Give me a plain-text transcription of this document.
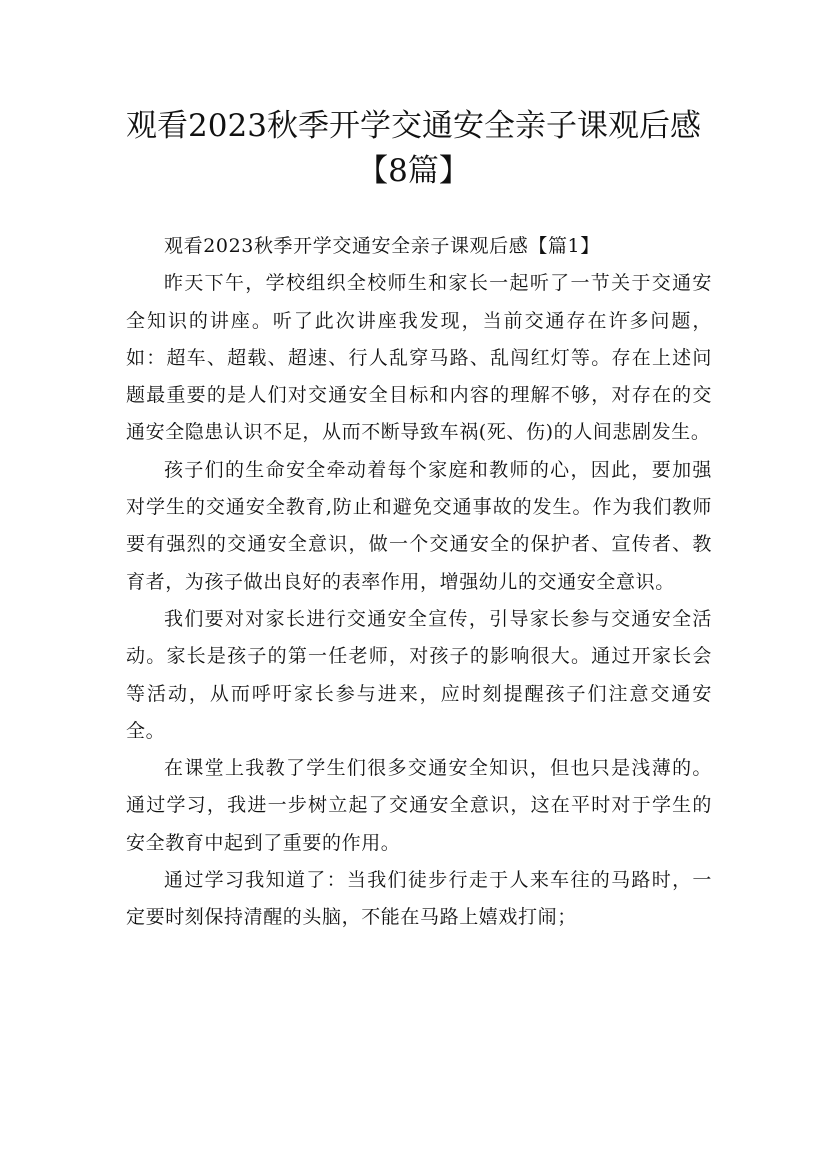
观看2023秋季开学交通安全亲子课观后感
【8篇】

观看2023秋季开学交通安全亲子课观后感【篇1】

昨天下午，学校组织全校师生和家长一起听了一节关于交通安全知识的讲座。听了此次讲座我发现，当前交通存在许多问题，如：超车、超载、超速、行人乱穿马路、乱闯红灯等。存在上述问题最重要的是人们对交通安全目标和内容的理解不够，对存在的交通安全隐患认识不足，从而不断导致车祸(死、伤)的人间悲剧发生。

孩子们的生命安全牵动着每个家庭和教师的心，因此，要加强对学生的交通安全教育,防止和避免交通事故的发生。作为我们教师要有强烈的交通安全意识，做一个交通安全的保护者、宣传者、教育者，为孩子做出良好的表率作用，增强幼儿的交通安全意识。

我们要对对家长进行交通安全宣传，引导家长参与交通安全活动。家长是孩子的第一任老师，对孩子的影响很大。通过开家长会等活动，从而呼吁家长参与进来，应时刻提醒孩子们注意交通安全。

在课堂上我教了学生们很多交通安全知识，但也只是浅薄的。通过学习，我进一步树立起了交通安全意识，这在平时对于学生的安全教育中起到了重要的作用。

通过学习我知道了：当我们徒步行走于人来车往的马路时，一定要时刻保持清醒的头脑，不能在马路上嬉戏打闹；
